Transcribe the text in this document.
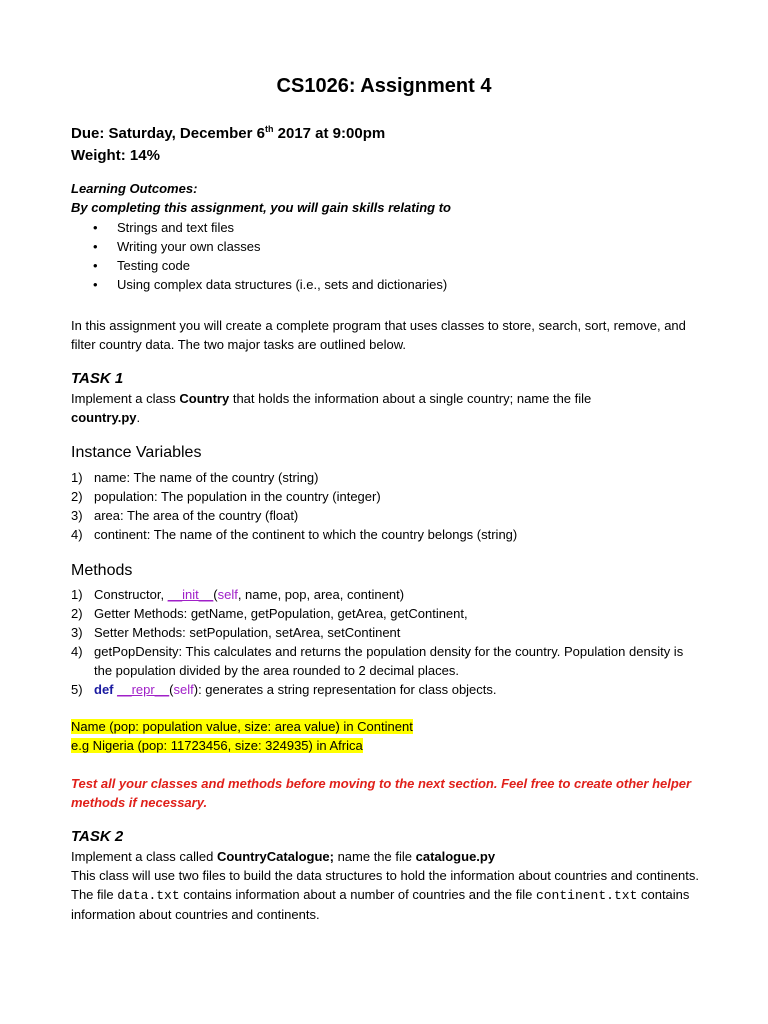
CS1026: Assignment 4
Due: Saturday, December 6th 2017 at 9:00pm
Weight: 14%
Learning Outcomes:
By completing this assignment, you will gain skills relating to
• Strings and text files
• Writing your own classes
• Testing code
• Using complex data structures (i.e., sets and dictionaries)
In this assignment you will create a complete program that uses classes to store, search, sort, remove, and filter country data. The two major tasks are outlined below.
TASK 1
Implement a class Country that holds the information about a single country; name the file
country.py.
Instance Variables
1) name: The name of the country (string)
2) population: The population in the country (integer)
3) area: The area of the country (float)
4) continent: The name of the continent to which the country belongs (string)
Methods
1) Constructor, __init__(self, name, pop, area, continent)
2) Getter Methods: getName, getPopulation, getArea, getContinent,
3) Setter Methods: setPopulation, setArea, setContinent
4) getPopDensity: This calculates and returns the population density for the country. Population density is the population divided by the area rounded to 2 decimal places.
5) def __repr__(self): generates a string representation for class objects.
Name (pop: population value, size: area value) in Continent
e.g Nigeria (pop: 11723456, size: 324935) in Africa
Test all your classes and methods before moving to the next section. Feel free to create other helper methods if necessary.
TASK 2
Implement a class called CountryCatalogue; name the file catalogue.py
This class will use two files to build the data structures to hold the information about countries and continents. The file data.txt contains information about a number of countries and the file continent.txt contains information about countries and continents.
